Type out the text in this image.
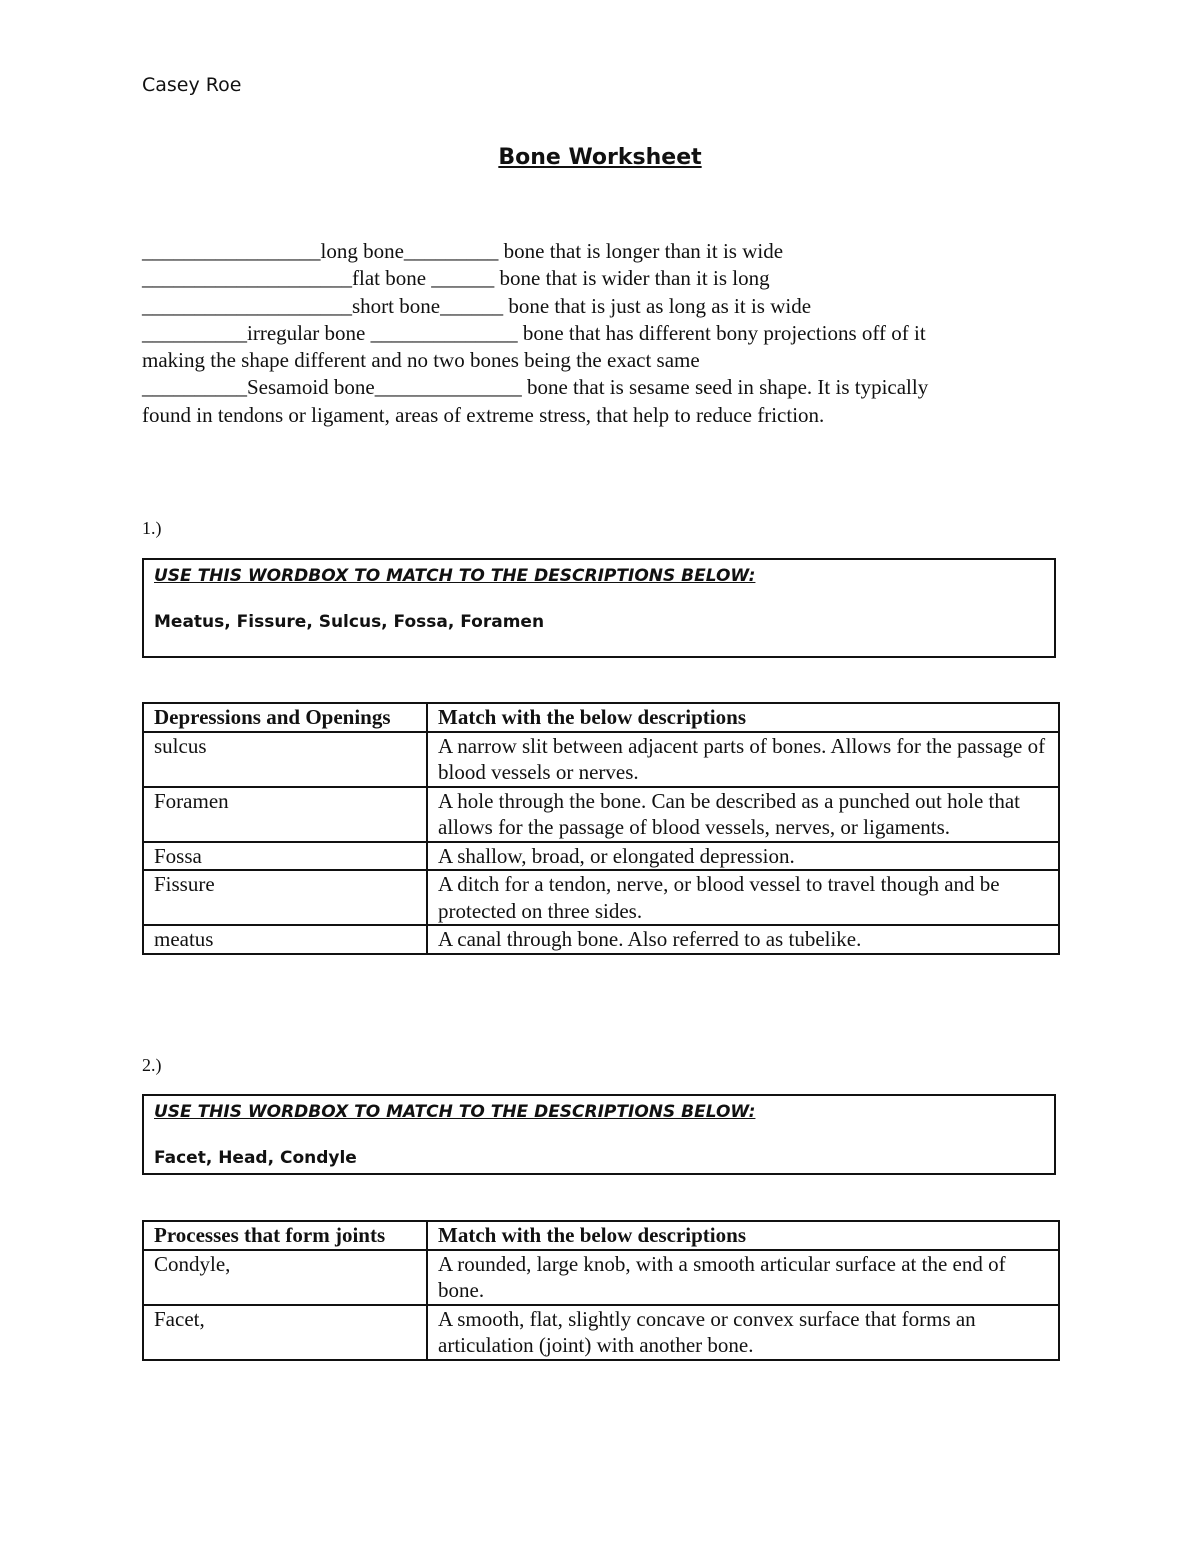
Casey Roe
Bone Worksheet
_________________long bone_________ bone that is longer than it is wide
____________________flat bone ______ bone that is wider than it is long
____________________short bone______ bone that is just as long as it is wide
__________irregular bone ______________ bone that has different bony projections off of it
making the shape different and no two bones being the exact same
__________Sesamoid bone______________ bone that is sesame seed in shape. It is typically
found in tendons or ligament, areas of extreme stress, that help to reduce friction.
1.)
USE THIS WORDBOX TO MATCH TO THE DESCRIPTIONS BELOW:
Meatus, Fissure, Sulcus, Fossa, Foramen
Depressions and Openings	Match with the below descriptions
sulcus	A narrow slit between adjacent parts of bones. Allows for the passage of blood vessels or nerves.
Foramen	A hole through the bone. Can be described as a punched out hole that allows for the passage of blood vessels, nerves, or ligaments.
Fossa	A shallow, broad, or elongated depression.
Fissure	A ditch for a tendon, nerve, or blood vessel to travel though and be protected on three sides.
meatus	A canal through bone. Also referred to as tubelike.
2.)
USE THIS WORDBOX TO MATCH TO THE DESCRIPTIONS BELOW:
Facet, Head, Condyle
Processes that form joints	Match with the below descriptions
Condyle,	A rounded, large knob, with a smooth articular surface at the end of bone.
Facet,	A smooth, flat, slightly concave or convex surface that forms an articulation (joint) with another bone.
